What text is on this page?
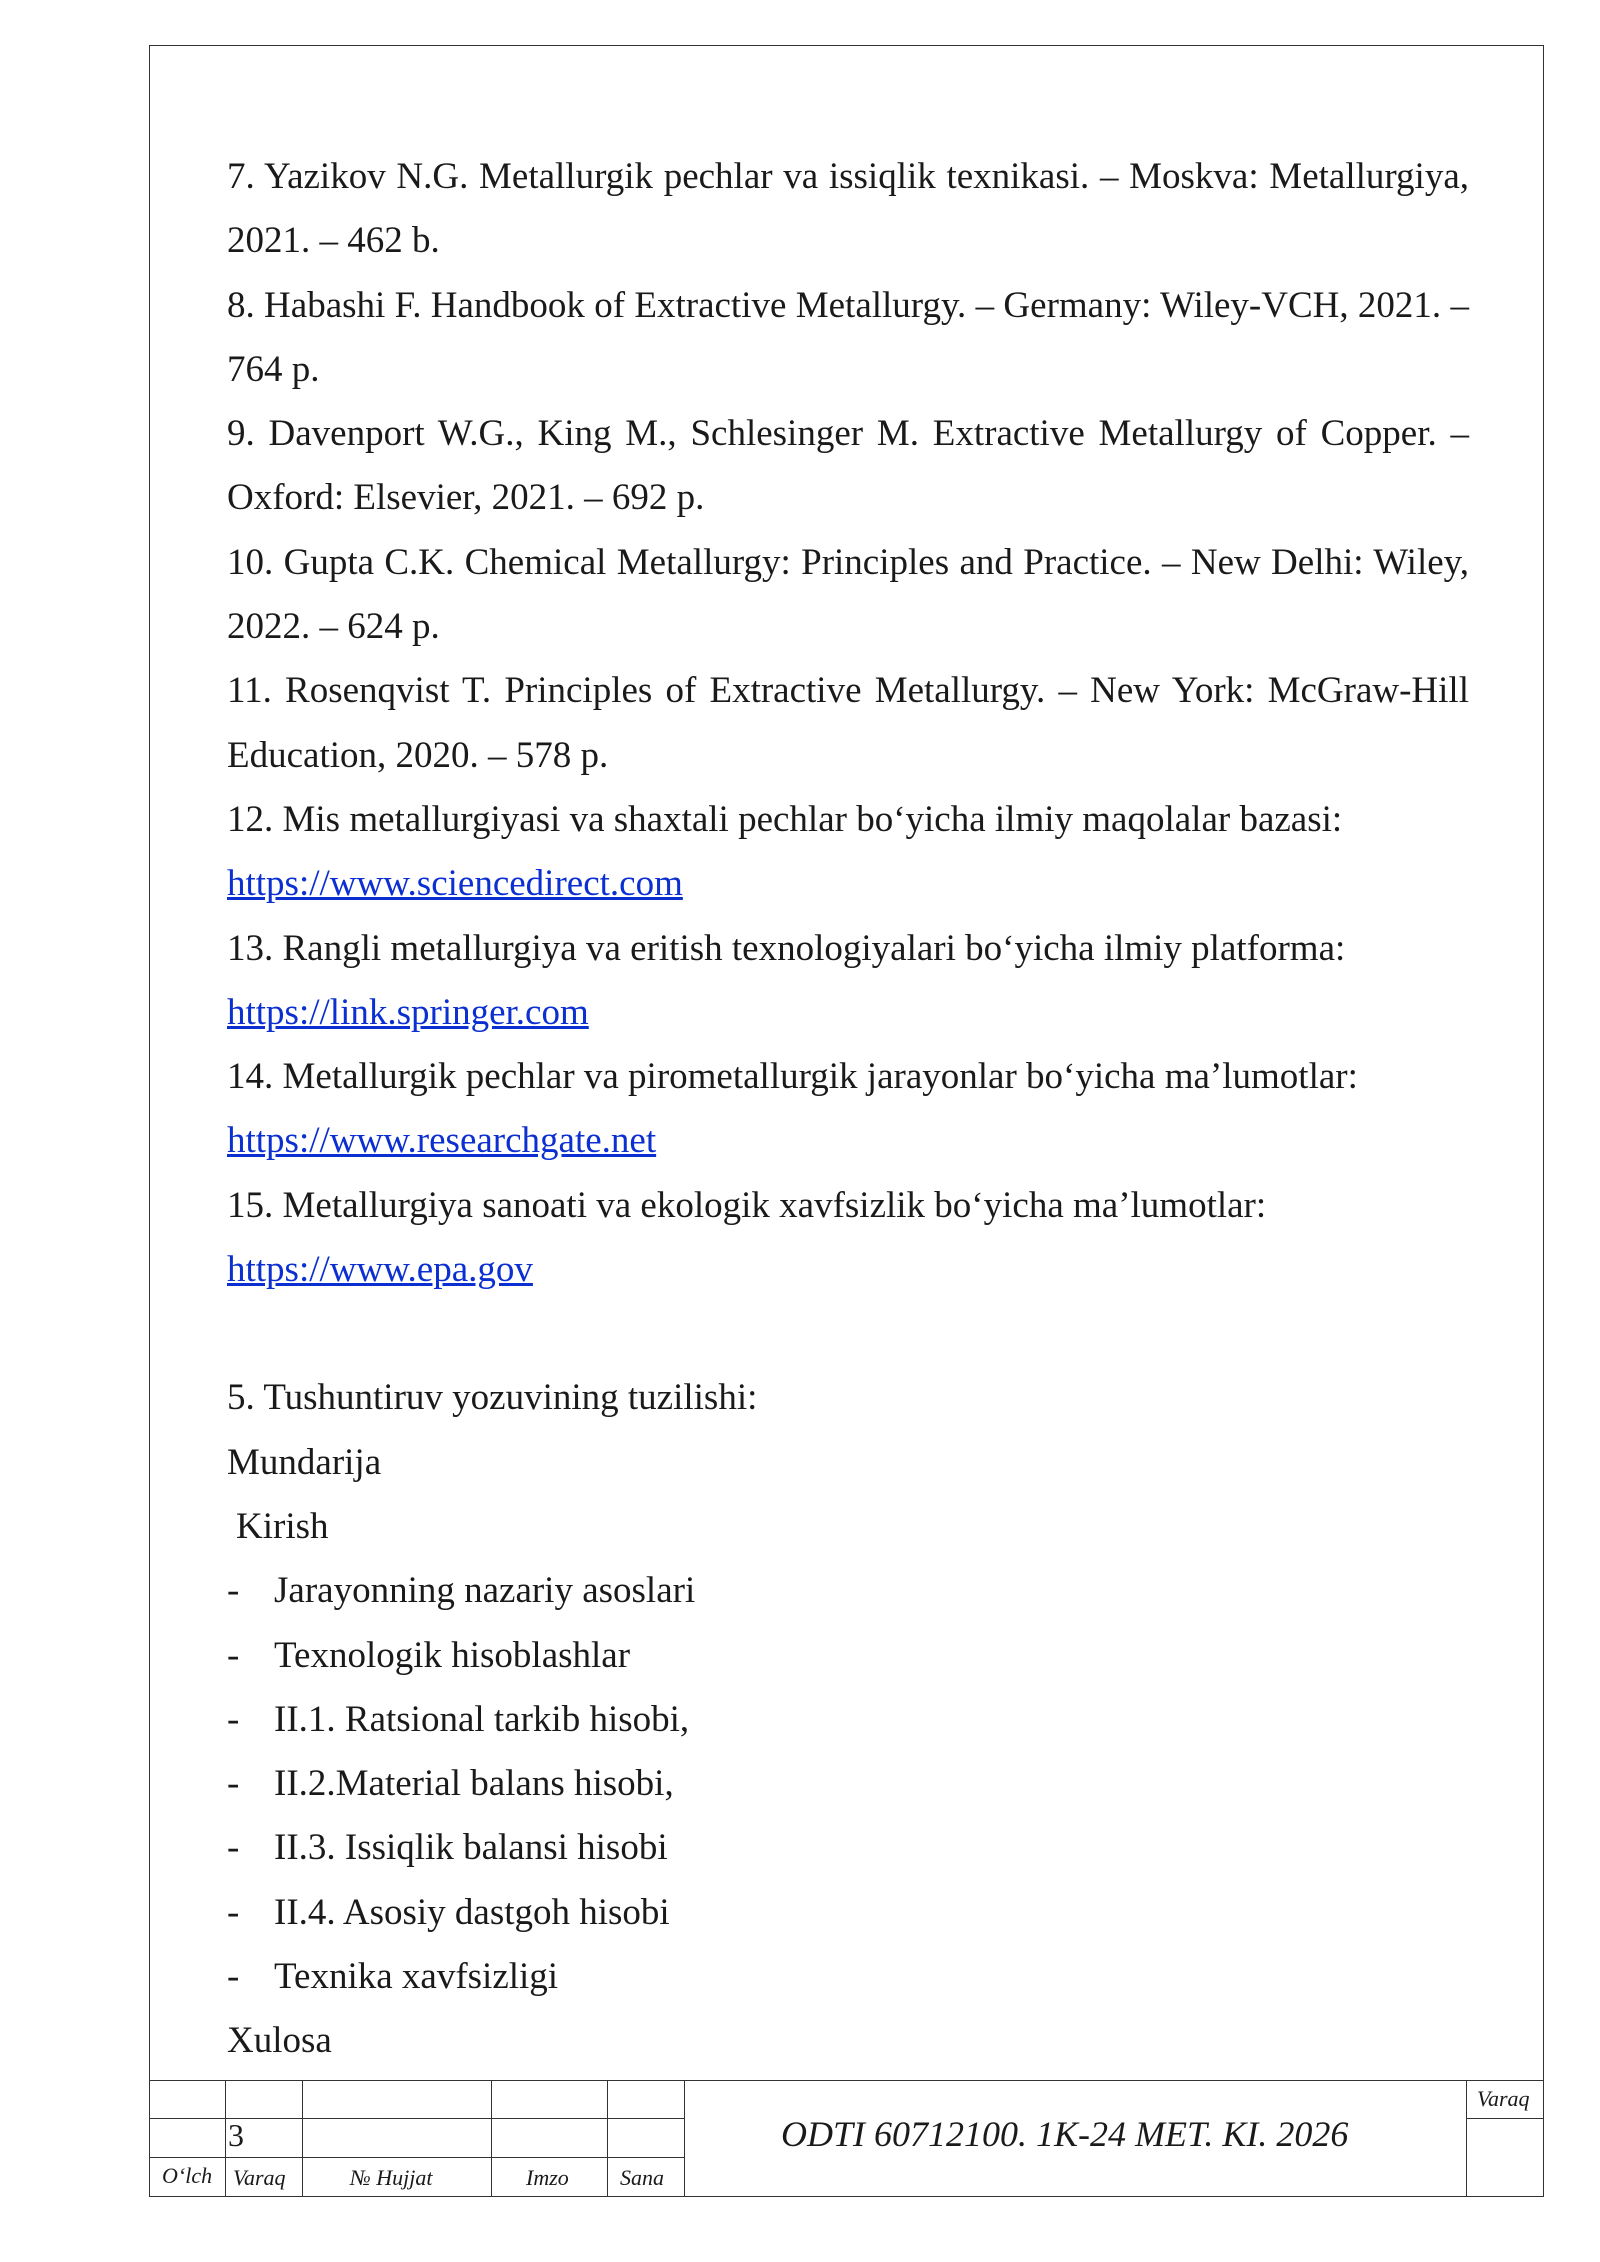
7. Yazikov N.G. Metallurgik pechlar va issiqlik texnikasi. – Moskva: Metallurgiya, 2021. – 462 b.

8. Habashi F. Handbook of Extractive Metallurgy. – Germany: Wiley-VCH, 2021. – 764 p.

9. Davenport W.G., King M., Schlesinger M. Extractive Metallurgy of Copper. – Oxford: Elsevier, 2021. – 692 p.

10. Gupta C.K. Chemical Metallurgy: Principles and Practice. – New Delhi: Wiley, 2022. – 624 p.

11. Rosenqvist T. Principles of Extractive Metallurgy. – New York: McGraw-Hill Education, 2020. – 578 p.

12. Mis metallurgiyasi va shaxtali pechlar bo‘yicha ilmiy maqolalar bazasi:
https://www.sciencedirect.com

13. Rangli metallurgiya va eritish texnologiyalari bo‘yicha ilmiy platforma:
https://link.springer.com

14. Metallurgik pechlar va pirometallurgik jarayonlar bo‘yicha ma’lumotlar:
https://www.researchgate.net

15. Metallurgiya sanoati va ekologik xavfsizlik bo‘yicha ma’lumotlar:
https://www.epa.gov

5. Tushuntiruv yozuvining tuzilishi:

Mundarija

Kirish

- Jarayonning nazariy asoslari

- Texnologik hisoblashlar

- II.1. Ratsional tarkib hisobi,

- II.2.Material balans hisobi,

- II.3. Issiqlik balansi hisobi

- II.4. Asosiy dastgoh hisobi

- Texnika xavfsizligi

Xulosa

3
O‘lch Varaq	№ Hujjat	Imzo Sana
ODTI 60712100. 1K-24 MET. KI. 2026
Varaq
